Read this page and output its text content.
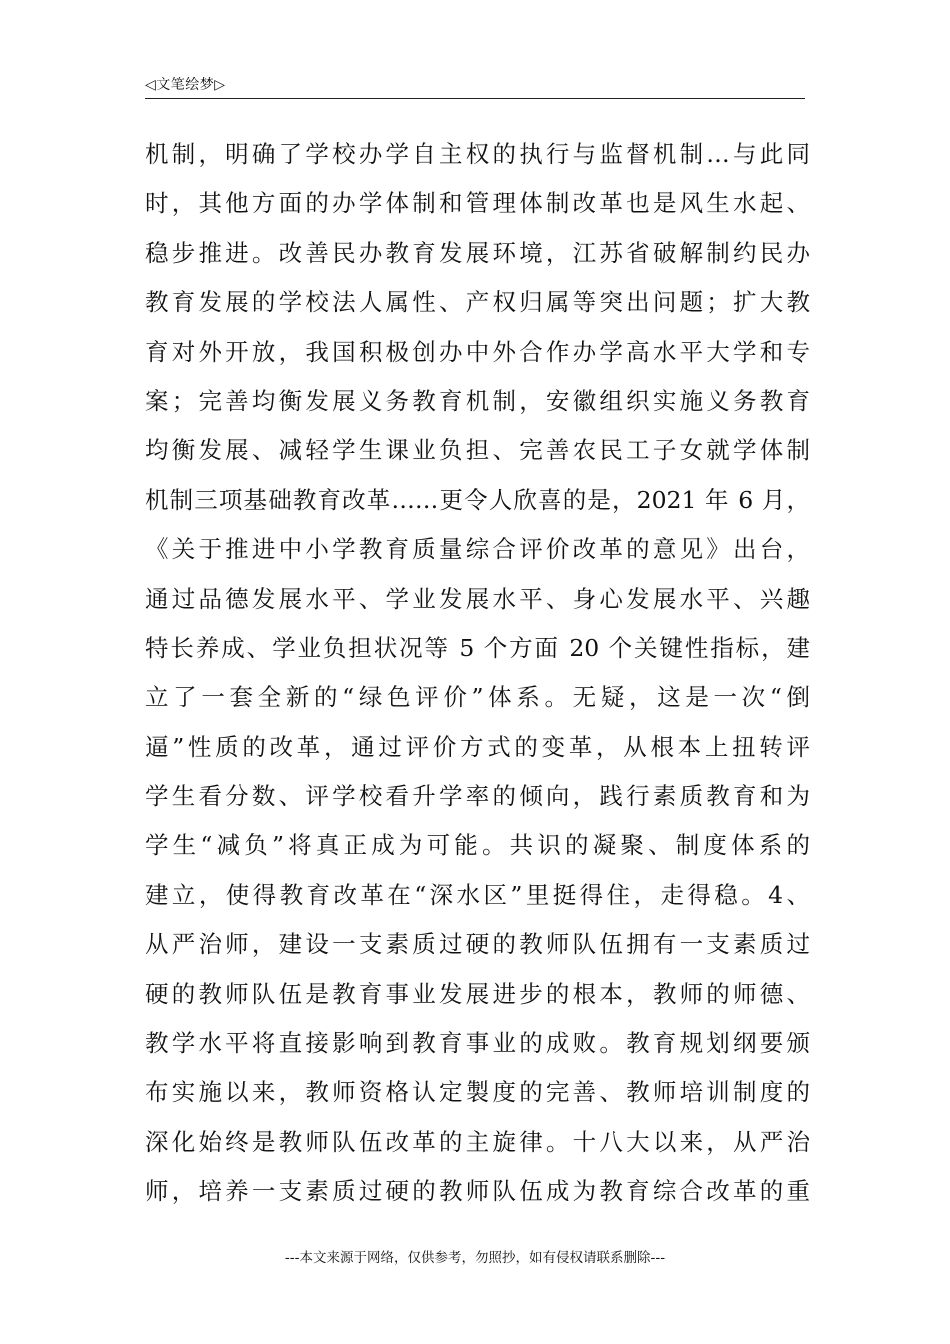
◁文笔绘梦▷
机制，明确了学校办学自主权的执行与监督机制…与此同
时，其他方面的办学体制和管理体制改革也是风生水起、
稳步推进。改善民办教育发展环境，江苏省破解制约民办
教育发展的学校法人属性、产权归属等突出问题；扩大教
育对外开放，我国积极创办中外合作办学高水平大学和专
案；完善均衡发展义务教育机制，安徽组织实施义务教育
均衡发展、减轻学生课业负担、完善农民工子女就学体制
机制三项基础教育改革……更令人欣喜的是，2021 年 6 月，
《关于推进中小学教育质量综合评价改革的意见》出台，
通过品德发展水平、学业发展水平、身心发展水平、兴趣
特长养成、学业负担状况等 5 个方面 20 个关键性指标，建
立了一套全新的“绿色评价”体系。无疑，这是一次“倒
逼”性质的改革，通过评价方式的变革，从根本上扭转评
学生看分数、评学校看升学率的倾向，践行素质教育和为
学生“减负”将真正成为可能。共识的凝聚、制度体系的
建立，使得教育改革在“深水区”里挺得住，走得稳。4、
从严治师，建设一支素质过硬的教师队伍拥有一支素质过
硬的教师队伍是教育事业发展进步的根本，教师的师德、
教学水平将直接影响到教育事业的成败。教育规划纲要颁
布实施以来，教师资格认定製度的完善、教师培训制度的
深化始终是教师队伍改革的主旋律。十八大以来，从严治
师，培养一支素质过硬的教师队伍成为教育综合改革的重
---本文来源于网络，仅供参考，勿照抄，如有侵权请联系删除---
